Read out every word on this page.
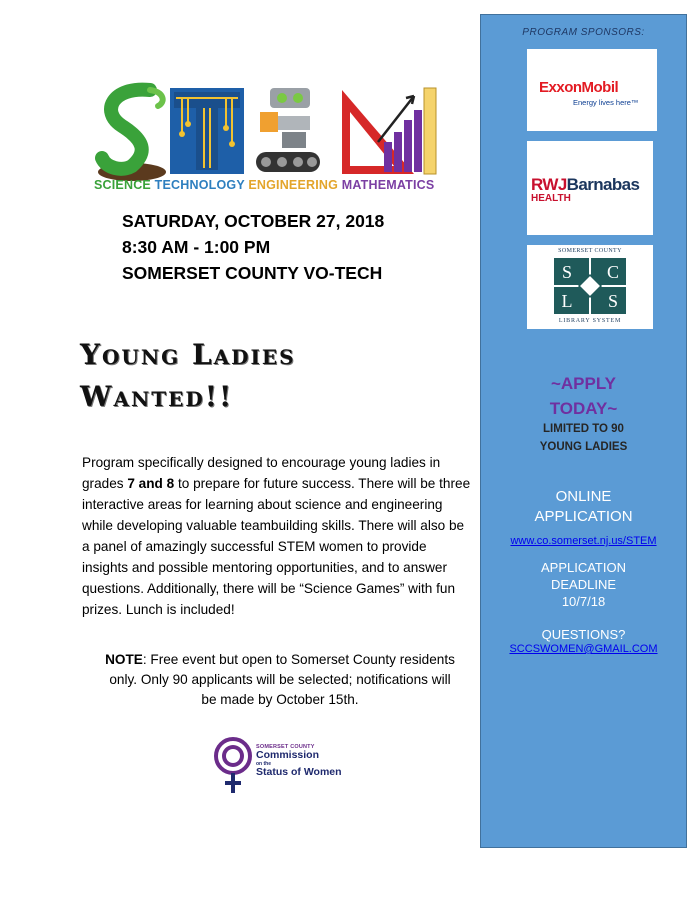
SCIENCE TECHNOLOGY ENGINEERING MATHEMATICS
SATURDAY, OCTOBER 27, 2018
8:30 AM - 1:00 PM
SOMERSET COUNTY VO-TECH
Young Ladies
Wanted!!

Program specifically designed to encourage young ladies in grades 7 and 8 to prepare for future success. There will be three interactive areas for learning about science and engineering while developing valuable teambuilding skills. There will also be a panel of amazingly successful STEM women to provide insights and possible mentoring opportunities, and to answer questions. Additionally, there will be “Science Games” with fun prizes. Lunch is included!

NOTE: Free event but open to Somerset County residents only. Only 90 applicants will be selected; notifications will be made by October 15th.

SOMERSET COUNTY
Commission
on the
Status of Women
PROGRAM SPONSORS:
ExxonMobil
Energy lives here™
RWJBarnabas
HEALTH
SOMERSET COUNTY
S C
L S
LIBRARY SYSTEM
~APPLY
TODAY~
LIMITED TO 90
YOUNG LADIES
ONLINE
APPLICATION
www.co.somerset.nj.us/STEM
APPLICATION
DEADLINE
10/7/18
QUESTIONS?
SCCSWOMEN@GMAIL.COM
